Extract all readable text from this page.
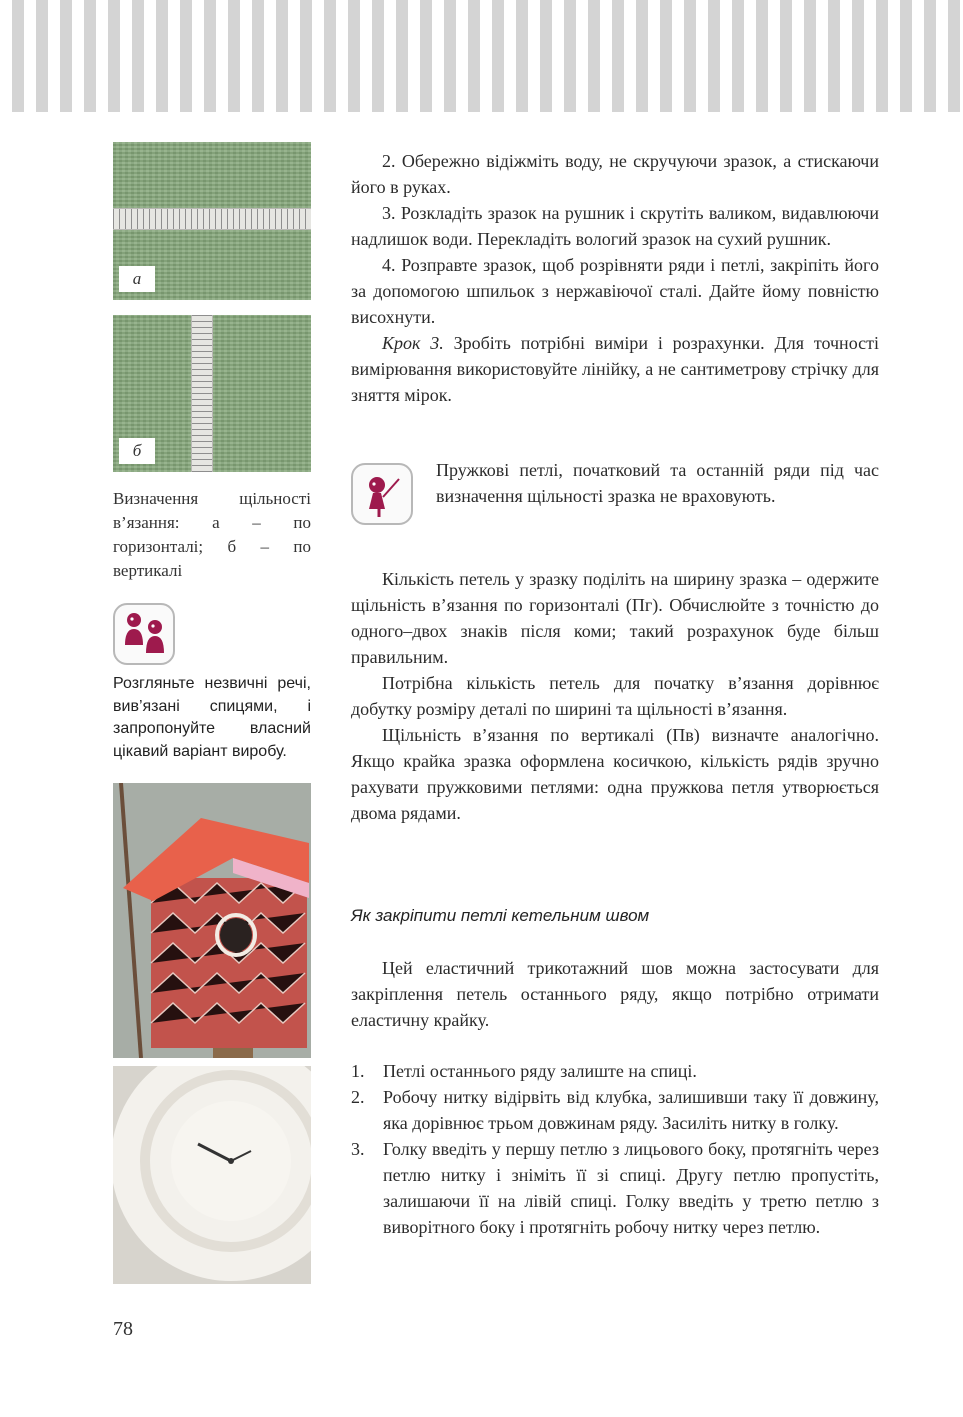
а
б
Визначення щільності в’язання: а – по горизонталі; б – по вертикалі
Розгляньте незвичні речі, вив’язані спицями, і запропонуйте власний цікавий варіант виробу.

2. Обережно відіжміть воду, не скручуючи зразок, а стискаючи його в руках.

3. Розкладіть зразок на рушник і скрутіть валиком, видавлюючи надлишок води. Перекладіть вологий зразок на сухий рушник.

4. Розправте зразок, щоб розрівняти ряди і петлі, закріпіть його за допомогою шпильок з нержавіючої сталі. Дайте йому повністю висохнути.

Крок 3. Зробіть потрібні виміри і розрахунки. Для точності вимірювання використовуйте лінійку, а не сантиметрову стрічку для зняття мірок.

Пружкові петлі, початковий та останній ряди під час визначення щільності зразка не враховують.

Кількість петель у зразку поділіть на ширину зразка – одержите щільність в’язання по горизонталі (Пг). Обчислюйте з точністю до одного–двох знаків після коми; такий розрахунок буде більш правильним.

Потрібна кількість петель для початку в’язання дорівнює добутку розміру деталі по ширині та щільності в’язання.

Щільність в’язання по вертикалі (Пв) визначте аналогічно. Якщо крайка зразка оформлена косичкою, кількість рядів зручно рахувати пружковими петлями: одна пружкова петля утворюється двома рядами.

Як закріпити петлі кетельним швом

Цей еластичний трикотажний шов можна застосувати для закріплення петель останнього ряду, якщо потрібно отримати еластичну крайку.

1.	Петлі останнього ряду залиште на спиці.
2.	Робочу нитку відірвіть від клубка, залишивши таку її довжину, яка дорівнює трьом довжинам ряду. Засиліть нитку в голку.
3.	Голку введіть у першу петлю з лицьового боку, протягніть через петлю нитку і зніміть її зі спиці. Другу петлю пропустіть, залишаючи її на лівій спиці. Голку введіть у третю петлю з виворітного боку і протягніть робочу нитку через петлю.
78
